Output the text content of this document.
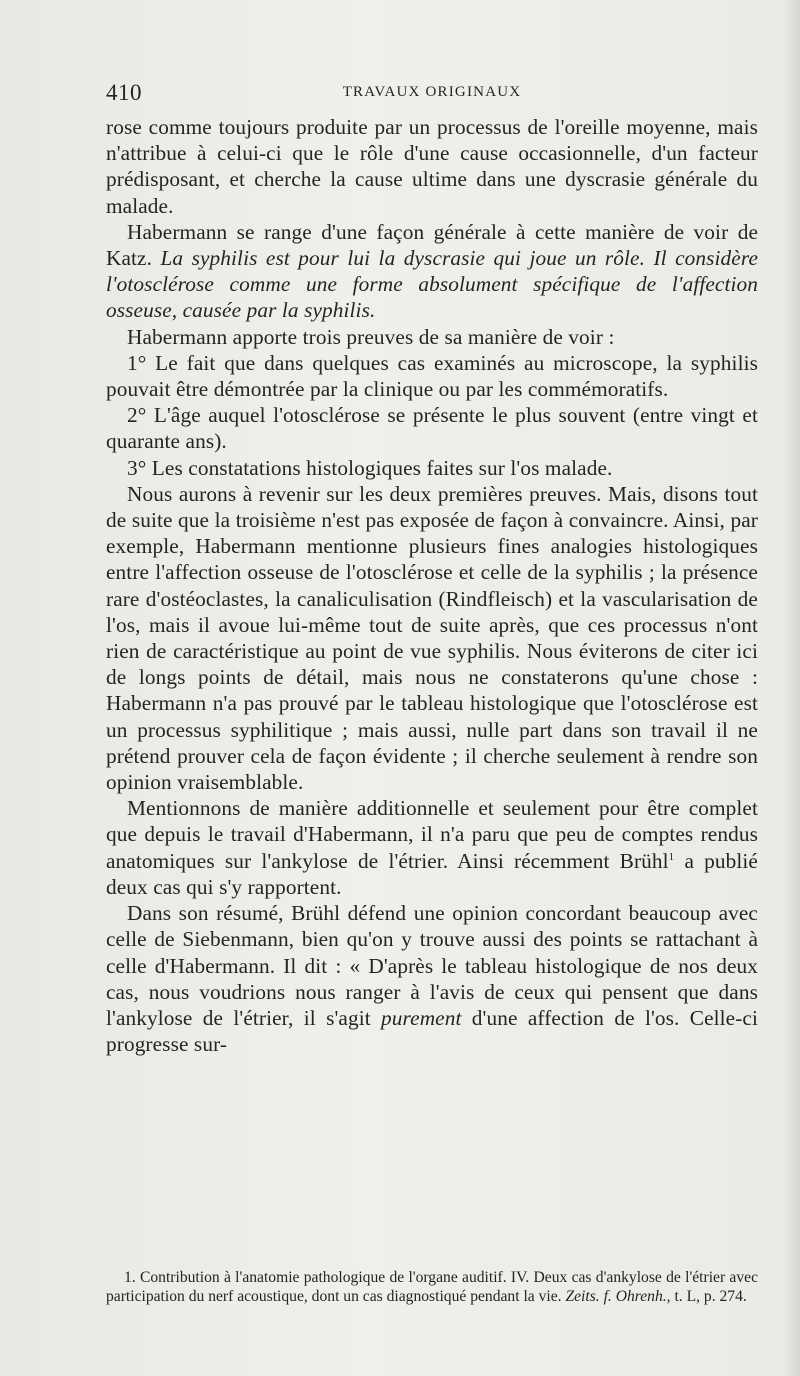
410	TRAVAUX ORIGINAUX

rose comme toujours produite par un processus de l'oreille moyenne, mais n'attribue à celui-ci que le rôle d'une cause occasionnelle, d'un facteur prédisposant, et cherche la cause ultime dans une dyscrasie générale du malade.

Habermann se range d'une façon générale à cette manière de voir de Katz. La syphilis est pour lui la dyscrasie qui joue un rôle. Il considère l'otosclérose comme une forme absolument spécifique de l'affection osseuse, causée par la syphilis.

Habermann apporte trois preuves de sa manière de voir :

1° Le fait que dans quelques cas examinés au microscope, la syphilis pouvait être démontrée par la clinique ou par les commémoratifs.

2° L'âge auquel l'otosclérose se présente le plus souvent (entre vingt et quarante ans).

3° Les constatations histologiques faites sur l'os malade.

Nous aurons à revenir sur les deux premières preuves. Mais, disons tout de suite que la troisième n'est pas exposée de façon à convaincre. Ainsi, par exemple, Habermann mentionne plusieurs fines analogies histologiques entre l'affection osseuse de l'otosclérose et celle de la syphilis ; la présence rare d'ostéoclastes, la canaliculisation (Rindfleisch) et la vascularisation de l'os, mais il avoue lui-même tout de suite après, que ces processus n'ont rien de caractéristique au point de vue syphilis. Nous éviterons de citer ici de longs points de détail, mais nous ne constaterons qu'une chose : Habermann n'a pas prouvé par le tableau histologique que l'otosclérose est un processus syphilitique ; mais aussi, nulle part dans son travail il ne prétend prouver cela de façon évidente ; il cherche seulement à rendre son opinion vraisemblable.

Mentionnons de manière additionnelle et seulement pour être complet que depuis le travail d'Habermann, il n'a paru que peu de comptes rendus anatomiques sur l'ankylose de l'étrier. Ainsi récemment Brühl$^1$ a publié deux cas qui s'y rapportent.

Dans son résumé, Brühl défend une opinion concordant beaucoup avec celle de Siebenmann, bien qu'on y trouve aussi des points se rattachant à celle d'Habermann. Il dit : « D'après le tableau histologique de nos deux cas, nous voudrions nous ranger à l'avis de ceux qui pensent que dans l'ankylose de l'étrier, il s'agit purement d'une affection de l'os. Celle-ci progresse sur-

1. Contribution à l'anatomie pathologique de l'organe auditif. IV. Deux cas d'ankylose de l'étrier avec participation du nerf acoustique, dont un cas diagnostiqué pendant la vie. Zeits. f. Ohrenh., t. L, p. 274.
